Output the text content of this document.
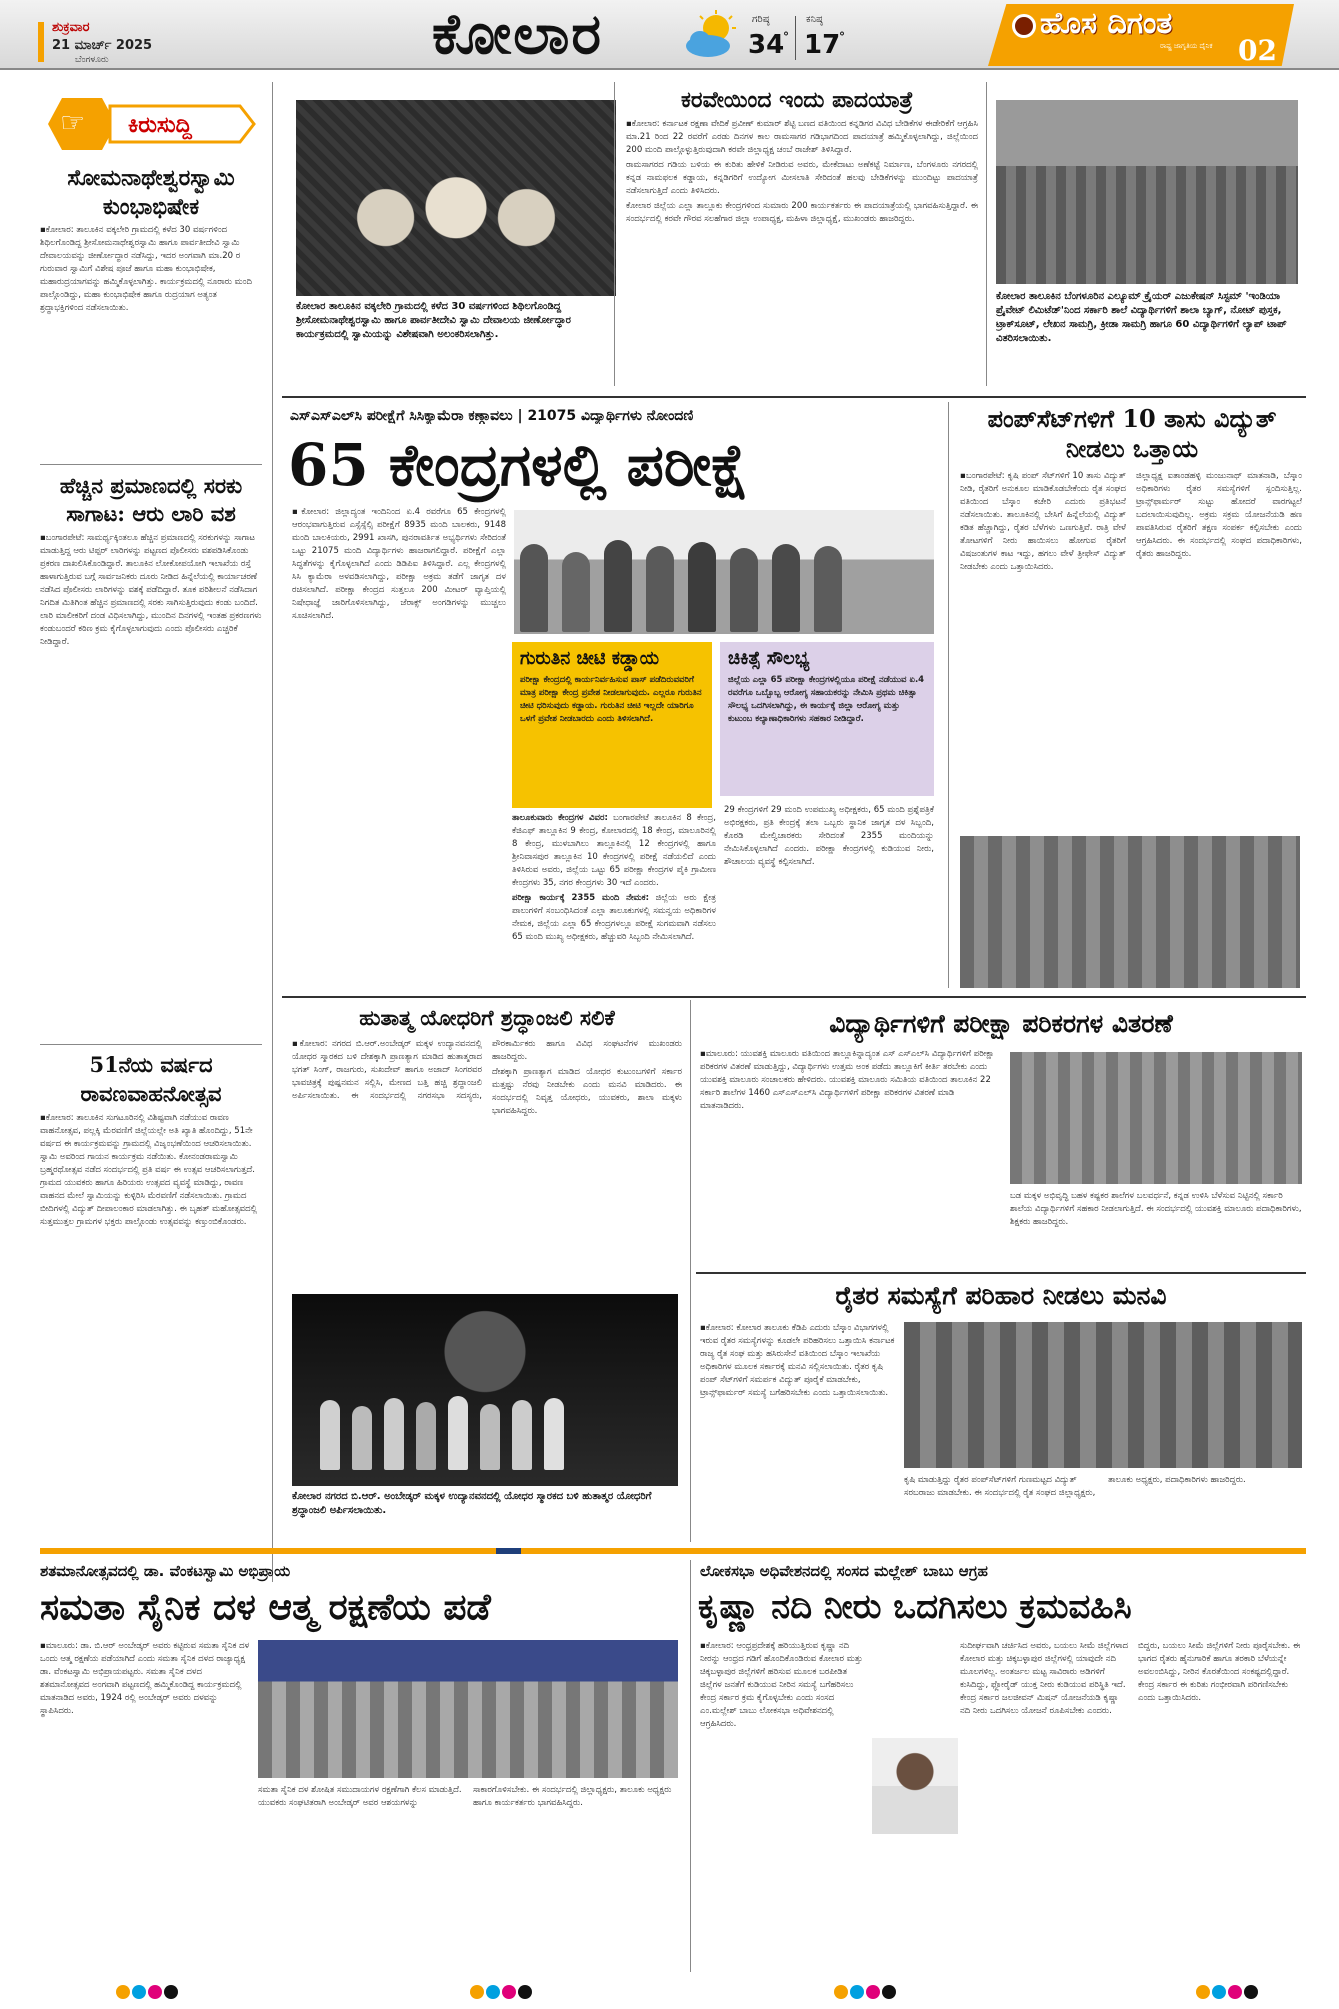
ಶುಕ್ರವಾರ
21 ಮಾರ್ಚ್ 2025
ಬೆಂಗಳೂರು	ಕೋಲಾರ	ಗರಿಷ್ಠ
34
°
ಕನಿಷ್ಠ
17
°	ಹೊಸ ದಿಗಂತ
ರಾಷ್ಟ್ರ ಜಾಗೃತಿಯ ದೈನಿಕ 02
☞ ಕಿರುಸುದ್ದಿ
ಸೋಮನಾಥೇಶ್ವರಸ್ವಾಮಿ ಕುಂಭಾಭಿಷೇಕ
▪ಕೋಲಾರ: ತಾಲೂಕಿನ ವಕ್ಕಲೇರಿ ಗ್ರಾಮದಲ್ಲಿ ಕಳೆದ 30 ವರ್ಷಗಳಿಂದ ಶಿಥಿಲಗೊಂಡಿದ್ದ ಶ್ರೀಸೋಮನಾಥೇಶ್ವರಸ್ವಾಮಿ ಹಾಗೂ ಪಾರ್ವತೀದೇವಿ ಸ್ವಾಮಿ ದೇವಾಲಯವನ್ನು ಜೀರ್ಣೋದ್ಧಾರ ನಡೆಸಿದ್ದು, ಇದರ ಅಂಗವಾಗಿ ಮಾ.20 ರ ಗುರುವಾರ ಸ್ವಾಮಿಗೆ ವಿಶೇಷ ಪೂಜೆ ಹಾಗೂ ಮಹಾ ಕುಂಭಾಭಿಷೇಕ, ಮಹಾರುದ್ರಯಾಗವನ್ನು ಹಮ್ಮಿಕೊಳ್ಳಲಾಗಿತ್ತು. ಕಾರ್ಯಕ್ರಮದಲ್ಲಿ ನೂರಾರು ಮಂದಿ ಪಾಲ್ಗೊಂಡಿದ್ದು, ಮಹಾ ಕುಂಭಾಭಿಷೇಕ ಹಾಗೂ ರುದ್ರಯಾಗ ಅತ್ಯಂತ ಶ್ರದ್ಧಾಭಕ್ತಿಗಳಿಂದ ನಡೆಸಲಾಯಿತು.
ಹೆಚ್ಚಿನ ಪ್ರಮಾಣದಲ್ಲಿ ಸರಕು ಸಾಗಾಟ: ಆರು ಲಾರಿ ವಶ
▪ಬಂಗಾರಪೇಟೆ: ಸಾಮರ್ಥ್ಯಕ್ಕಿಂತಲೂ ಹೆಚ್ಚಿನ ಪ್ರಮಾಣದಲ್ಲಿ ಸರಕುಗಳನ್ನು ಸಾಗಾಟ ಮಾಡುತ್ತಿದ್ದ ಆರು ಟಿಪ್ಪರ್ ಲಾರಿಗಳನ್ನು ಪಟ್ಟಣದ ಪೊಲೀಸರು ವಶಪಡಿಸಿಕೊಂಡು ಪ್ರಕರಣ ದಾಖಲಿಸಿಕೊಂಡಿದ್ದಾರೆ. ತಾಲೂಕಿನ ಲೋಕೋಪಯೋಗಿ ಇಲಾಖೆಯ ರಸ್ತೆ ಹಾಳಾಗುತ್ತಿರುವ ಬಗ್ಗೆ ಸಾರ್ವಜನಿಕರು ದೂರು ನೀಡಿದ ಹಿನ್ನೆಲೆಯಲ್ಲಿ ಕಾರ್ಯಾಚರಣೆ ನಡೆಸಿದ ಪೊಲೀಸರು ಲಾರಿಗಳನ್ನು ವಶಕ್ಕೆ ಪಡೆದಿದ್ದಾರೆ. ತೂಕ ಪರಿಶೀಲನೆ ನಡೆಸಿದಾಗ ನಿಗದಿತ ಮಿತಿಗಿಂತ ಹೆಚ್ಚಿನ ಪ್ರಮಾಣದಲ್ಲಿ ಸರಕು ಸಾಗಿಸುತ್ತಿರುವುದು ಕಂಡು ಬಂದಿದೆ. ಲಾರಿ ಮಾಲೀಕರಿಗೆ ದಂಡ ವಿಧಿಸಲಾಗಿದ್ದು, ಮುಂದಿನ ದಿನಗಳಲ್ಲಿ ಇಂತಹ ಪ್ರಕರಣಗಳು ಕಂಡುಬಂದರೆ ಕಠಿಣ ಕ್ರಮ ಕೈಗೊಳ್ಳಲಾಗುವುದು ಎಂದು ಪೊಲೀಸರು ಎಚ್ಚರಿಕೆ ನೀಡಿದ್ದಾರೆ.
51ನೆಯ ವರ್ಷದ ರಾವಣವಾಹನೋತ್ಸವ
▪ಕೋಲಾರ: ತಾಲೂಕಿನ ಸುಗಟೂರಿನಲ್ಲಿ ವಿಶಿಷ್ಟವಾಗಿ ನಡೆಯುವ ರಾವಣ ವಾಹನೋತ್ಸವ, ಪಲ್ಲಕ್ಕಿ ಮೆರವಣಿಗೆ ಜಿಲ್ಲೆಯಲ್ಲೇ ಅತಿ ಖ್ಯಾತಿ ಹೊಂದಿದ್ದು, 51ನೇ ವರ್ಷದ ಈ ಕಾರ್ಯಕ್ರಮವನ್ನು ಗ್ರಾಮದಲ್ಲಿ ವಿಜೃಂಭಣೆಯಿಂದ ಆಚರಿಸಲಾಯಿತು. ಸ್ವಾಮಿ ಅವರಿಂದ ಗಾಯನ ಕಾರ್ಯಕ್ರಮ ನಡೆಯಿತು. ಕೋನಂಡರಾಮಸ್ವಾಮಿ ಬ್ರಹ್ಮರಥೋತ್ಸವ ನಡೆದ ಸಂದರ್ಭದಲ್ಲಿ ಪ್ರತಿ ವರ್ಷ ಈ ಉತ್ಸವ ಆಚರಿಸಲಾಗುತ್ತದೆ. ಗ್ರಾಮದ ಯುವಕರು ಹಾಗೂ ಹಿರಿಯರು ಉತ್ಸವದ ವ್ಯವಸ್ಥೆ ಮಾಡಿದ್ದು, ರಾವಣ ವಾಹನದ ಮೇಲೆ ಸ್ವಾಮಿಯನ್ನು ಕುಳ್ಳಿರಿಸಿ ಮೆರವಣಿಗೆ ನಡೆಸಲಾಯಿತು. ಗ್ರಾಮದ ಬೀದಿಗಳಲ್ಲಿ ವಿದ್ಯುತ್ ದೀಪಾಲಂಕಾರ ಮಾಡಲಾಗಿತ್ತು. ಈ ಬೃಹತ್ ಮಹೋತ್ಸವದಲ್ಲಿ ಸುತ್ತಮುತ್ತಲ ಗ್ರಾಮಗಳ ಭಕ್ತರು ಪಾಲ್ಗೊಂಡು ಉತ್ಸವವನ್ನು ಕಣ್ತುಂಬಿಕೊಂಡರು.
ಕೋಲಾರ ತಾಲೂಕಿನ ವಕ್ಕಲೇರಿ ಗ್ರಾಮದಲ್ಲಿ ಕಳೆದ 30 ವರ್ಷಗಳಿಂದ ಶಿಥಿಲಗೊಂಡಿದ್ದ ಶ್ರೀಸೋಮನಾಥೇಶ್ವರಸ್ವಾಮಿ ಹಾಗೂ ಪಾರ್ವತೀದೇವಿ ಸ್ವಾಮಿ ದೇವಾಲಯ ಜೀರ್ಣೋದ್ಧಾರ ಕಾರ್ಯಕ್ರಮದಲ್ಲಿ ಸ್ವಾಮಿಯನ್ನು ವಿಶೇಷವಾಗಿ ಅಲಂಕರಿಸಲಾಗಿತ್ತು.
ಕರವೇಯಿಂದ ಇಂದು ಪಾದಯಾತ್ರೆ

▪ಕೋಲಾರ: ಕರ್ನಾಟಕ ರಕ್ಷಣಾ ವೇದಿಕೆ ಪ್ರವೀಣ್ ಕುಮಾರ್ ಶೆಟ್ಟಿ ಬಣದ ವತಿಯಿಂದ ಕನ್ನಡಿಗರ ವಿವಿಧ ಬೇಡಿಕೆಗಳ ಈಡೇರಿಕೆಗೆ ಆಗ್ರಹಿಸಿ ಮಾ.21 ರಿಂದ 22 ರವರೆಗೆ ಎರಡು ದಿನಗಳ ಕಾಲ ರಾಮಸಾಗರ ಗಡಿಭಾಗದಿಂದ ಪಾದಯಾತ್ರೆ ಹಮ್ಮಿಕೊಳ್ಳಲಾಗಿದ್ದು, ಜಿಲ್ಲೆಯಿಂದ 200 ಮಂದಿ ಪಾಲ್ಗೊಳ್ಳುತ್ತಿರುವುದಾಗಿ ಕರವೇ ಜಿಲ್ಲಾಧ್ಯಕ್ಷ ಚಂಬೆ ರಾಜೇಶ್ ತಿಳಿಸಿದ್ದಾರೆ.

ರಾಮಸಾಗರದ ಗಡಿಯ ಬಳಿಯ ಈ ಕುರಿತು ಹೇಳಿಕೆ ನೀಡಿರುವ ಅವರು, ಮೇಕೆದಾಟು ಅಣೆಕಟ್ಟೆ ನಿರ್ಮಾಣ, ಬೆಂಗಳೂರು ನಗರದಲ್ಲಿ ಕನ್ನಡ ನಾಮಫಲಕ ಕಡ್ಡಾಯ, ಕನ್ನಡಿಗರಿಗೆ ಉದ್ಯೋಗ ಮೀಸಲಾತಿ ಸೇರಿದಂತೆ ಹಲವು ಬೇಡಿಕೆಗಳನ್ನು ಮುಂದಿಟ್ಟು ಪಾದಯಾತ್ರೆ ನಡೆಸಲಾಗುತ್ತಿದೆ ಎಂದು ತಿಳಿಸಿದರು.

ಕೋಲಾರ ಜಿಲ್ಲೆಯ ಎಲ್ಲಾ ತಾಲ್ಲೂಕು ಕೇಂದ್ರಗಳಿಂದ ಸುಮಾರು 200 ಕಾರ್ಯಕರ್ತರು ಈ ಪಾದಯಾತ್ರೆಯಲ್ಲಿ ಭಾಗವಹಿಸುತ್ತಿದ್ದಾರೆ. ಈ ಸಂದರ್ಭದಲ್ಲಿ ಕರವೇ ಗೌರವ ಸಲಹೆಗಾರ ಜಿಲ್ಲಾ ಉಪಾಧ್ಯಕ್ಷ, ಮಹಿಳಾ ಜಿಲ್ಲಾಧ್ಯಕ್ಷೆ, ಮುಖಂಡರು ಹಾಜರಿದ್ದರು.

ಕೋಲಾರ ತಾಲೂಕಿನ ಬೆಂಗಳೂರಿನ ಎಲ್ಯೂಮ್ ಕ್ರೈಯರ್ ಎಜುಕೇಷನ್ ಸಿಸ್ಟಮ್ 'ಇಂಡಿಯಾ ಪ್ರೈವೇಟ್ ಲಿಮಿಟೆಡ್'ನಿಂದ ಸರ್ಕಾರಿ ಶಾಲೆ ವಿದ್ಯಾರ್ಥಿಗಳಿಗೆ ಶಾಲಾ ಬ್ಯಾಗ್, ನೋಟ್ ಪುಸ್ತಕ, ಟ್ರಾಕ್‌ಸೂಟ್, ಲೇಖನ ಸಾಮಗ್ರಿ, ಕ್ರೀಡಾ ಸಾಮಗ್ರಿ ಹಾಗೂ 60 ವಿದ್ಯಾರ್ಥಿಗಳಿಗೆ ಲ್ಯಾಪ್ ಟಾಪ್ ವಿತರಿಸಲಾಯಿತು.
ಎಸ್‌ಎಸ್‌ಎಲ್‌ಸಿ ಪರೀಕ್ಷೆಗೆ ಸಿಸಿಕ್ಯಾಮೆರಾ ಕಣ್ಗಾವಲು | 21075 ವಿದ್ಯಾರ್ಥಿಗಳು ನೋಂದಣಿ
65 ಕೇಂದ್ರಗಳಲ್ಲಿ ಪರೀಕ್ಷೆ

▪ಕೋಲಾರ: ಜಿಲ್ಲಾದ್ಯಂತ ಇಂದಿನಿಂದ ಏ.4 ರವರೆಗೂ 65 ಕೇಂದ್ರಗಳಲ್ಲಿ ಆರಂಭವಾಗುತ್ತಿರುವ ಎಸ್ಸೆಸ್ಸೆಲ್ಸಿ ಪರೀಕ್ಷೆಗೆ 8935 ಮಂದಿ ಬಾಲಕರು, 9148 ಮಂದಿ ಬಾಲಕಿಯರು, 2991 ಖಾಸಗಿ, ಪುನರಾವರ್ತಿತ ಅಭ್ಯರ್ಥಿಗಳು ಸೇರಿದಂತೆ ಒಟ್ಟು 21075 ಮಂದಿ ವಿದ್ಯಾರ್ಥಿಗಳು ಹಾಜರಾಗಲಿದ್ದಾರೆ. ಪರೀಕ್ಷೆಗೆ ಎಲ್ಲಾ ಸಿದ್ಧತೆಗಳನ್ನು ಕೈಗೊಳ್ಳಲಾಗಿದೆ ಎಂದು ಡಿಡಿಪಿಐ ತಿಳಿಸಿದ್ದಾರೆ. ಎಲ್ಲ ಕೇಂದ್ರಗಳಲ್ಲಿ ಸಿಸಿ ಕ್ಯಾಮೆರಾ ಅಳವಡಿಸಲಾಗಿದ್ದು, ಪರೀಕ್ಷಾ ಅಕ್ರಮ ತಡೆಗೆ ಜಾಗೃತ ದಳ ರಚಿಸಲಾಗಿದೆ. ಪರೀಕ್ಷಾ ಕೇಂದ್ರದ ಸುತ್ತಲೂ 200 ಮೀಟರ್ ವ್ಯಾಪ್ತಿಯಲ್ಲಿ ನಿಷೇಧಾಜ್ಞೆ ಜಾರಿಗೊಳಿಸಲಾಗಿದ್ದು, ಜೆರಾಕ್ಸ್ ಅಂಗಡಿಗಳನ್ನು ಮುಚ್ಚಲು ಸೂಚಿಸಲಾಗಿದೆ.

ಗುರುತಿನ ಚೀಟಿ ಕಡ್ಡಾಯ
ಪರೀಕ್ಷಾ ಕೇಂದ್ರದಲ್ಲಿ ಕಾರ್ಯನಿರ್ವಹಿಸುವ ಪಾಸ್ ಪಡೆದಿರುವವರಿಗೆ ಮಾತ್ರ ಪರೀಕ್ಷಾ ಕೇಂದ್ರ ಪ್ರವೇಶ ನೀಡಲಾಗುವುದು. ಎಲ್ಲರೂ ಗುರುತಿನ ಚೀಟಿ ಧರಿಸುವುದು ಕಡ್ಡಾಯ. ಗುರುತಿನ ಚೀಟಿ ಇಲ್ಲದೇ ಯಾರಿಗೂ ಒಳಗೆ ಪ್ರವೇಶ ನೀಡಬಾರದು ಎಂದು ತಿಳಿಸಲಾಗಿದೆ.
ಚಿಕಿತ್ಸೆ ಸೌಲಭ್ಯ
ಜಿಲ್ಲೆಯ ಎಲ್ಲಾ 65 ಪರೀಕ್ಷಾ ಕೇಂದ್ರಗಳಲ್ಲಿಯೂ ಪರೀಕ್ಷೆ ನಡೆಯುವ ಏ.4 ರವರೆಗೂ ಒಬ್ಬೊಬ್ಬ ಆರೋಗ್ಯ ಸಹಾಯಕರನ್ನು ನೇಮಿಸಿ ಪ್ರಥಮ ಚಿಕಿತ್ಸಾ ಸೌಲಭ್ಯ ಒದಗಿಸಲಾಗಿದ್ದು, ಈ ಕಾರ್ಯಕ್ಕೆ ಜಿಲ್ಲಾ ಆರೋಗ್ಯ ಮತ್ತು ಕುಟುಂಬ ಕಲ್ಯಾಣಾಧಿಕಾರಿಗಳು ಸಹಕಾರ ನೀಡಿದ್ದಾರೆ.

ತಾಲೂಕುವಾರು ಕೇಂದ್ರಗಳ ವಿವರ: ಬಂಗಾರಪೇಟೆ ತಾಲೂಕಿನ 8 ಕೇಂದ್ರ, ಕೆಜಿಎಫ್ ತಾಲ್ಲೂಕಿನ 9 ಕೇಂದ್ರ, ಕೋಲಾರದಲ್ಲಿ 18 ಕೇಂದ್ರ, ಮಾಲೂರಿನಲ್ಲಿ 8 ಕೇಂದ್ರ, ಮುಳಬಾಗಿಲು ತಾಲ್ಲೂಕಿನಲ್ಲಿ 12 ಕೇಂದ್ರಗಳಲ್ಲಿ ಹಾಗೂ ಶ್ರೀನಿವಾಸಪುರ ತಾಲ್ಲೂಕಿನ 10 ಕೇಂದ್ರಗಳಲ್ಲಿ ಪರೀಕ್ಷೆ ನಡೆಯಲಿದೆ ಎಂದು ತಿಳಿಸಿರುವ ಅವರು, ಜಿಲ್ಲೆಯ ಒಟ್ಟು 65 ಪರೀಕ್ಷಾ ಕೇಂದ್ರಗಳ ಪೈಕಿ ಗ್ರಾಮೀಣ ಕೇಂದ್ರಗಳು 35, ನಗರ ಕೇಂದ್ರಗಳು 30 ಇದೆ ಎಂದರು.

ಪರೀಕ್ಷಾ ಕಾರ್ಯಕ್ಕೆ 2355 ಮಂದಿ ನೇಮಕ: ಜಿಲ್ಲೆಯ ಅರು ಕ್ಷೇತ್ರ ಪಾಲುಗಳಿಗೆ ಸಂಬಂಧಿಸಿದಂತೆ ಎಲ್ಲಾ ತಾಲೂಕುಗಳಲ್ಲಿ ಸಮನ್ವಯ ಅಧಿಕಾರಿಗಳ ನೇಮಕ, ಜಿಲ್ಲೆಯ ಎಲ್ಲಾ 65 ಕೇಂದ್ರಗಳಲ್ಲೂ ಪರೀಕ್ಷೆ ಸುಗಮವಾಗಿ ನಡೆಸಲು 65 ಮಂದಿ ಮುಖ್ಯ ಅಧೀಕ್ಷಕರು, ಹೆಚ್ಚುವರಿ ಸಿಬ್ಬಂದಿ ನೇಮಿಸಲಾಗಿದೆ.

29 ಕೇಂದ್ರಗಳಿಗೆ 29 ಮಂದಿ ಉಪಮುಖ್ಯ ಅಧೀಕ್ಷಕರು, 65 ಮಂದಿ ಪ್ರಶ್ನೆಪತ್ರಿಕೆ ಅಭಿರಕ್ಷಕರು, ಪ್ರತಿ ಕೇಂದ್ರಕ್ಕೆ ತಲಾ ಒಬ್ಬರು ಸ್ಥಾನಿಕ ಜಾಗೃತ ದಳ ಸಿಬ್ಬಂದಿ, ಕೊಠಡಿ ಮೇಲ್ವಿಚಾರಕರು ಸೇರಿದಂತೆ 2355 ಮಂದಿಯನ್ನು ನೇಮಿಸಿಕೊಳ್ಳಲಾಗಿದೆ ಎಂದರು. ಪರೀಕ್ಷಾ ಕೇಂದ್ರಗಳಲ್ಲಿ ಕುಡಿಯುವ ನೀರು, ಶೌಚಾಲಯ ವ್ಯವಸ್ಥೆ ಕಲ್ಪಿಸಲಾಗಿದೆ.

ಪಂಪ್‌ಸೆಟ್‌ಗಳಿಗೆ 10 ತಾಸು ವಿದ್ಯುತ್ ನೀಡಲು ಒತ್ತಾಯ

▪ಬಂಗಾರಪೇಟೆ: ಕೃಷಿ ಪಂಪ್ ಸೆಟ್‌ಗಳಿಗೆ 10 ತಾಸು ವಿದ್ಯುತ್ ನೀಡಿ, ರೈತರಿಗೆ ಅನುಕೂಲ ಮಾಡಿಕೊಡಬೇಕೆಂದು ರೈತ ಸಂಘದ ವತಿಯಿಂದ ಬೆಸ್ಕಾಂ ಕಚೇರಿ ಎದುರು ಪ್ರತಿಭಟನೆ ನಡೆಸಲಾಯಿತು. ತಾಲೂಕಿನಲ್ಲಿ ಬೇಸಿಗೆ ಹಿನ್ನೆಲೆಯಲ್ಲಿ ವಿದ್ಯುತ್ ಕಡಿತ ಹೆಚ್ಚಾಗಿದ್ದು, ರೈತರ ಬೆಳೆಗಳು ಒಣಗುತ್ತಿವೆ. ರಾತ್ರಿ ವೇಳೆ ತೋಟಗಳಿಗೆ ನೀರು ಹಾಯಿಸಲು ಹೋಗುವ ರೈತರಿಗೆ ವಿಷಜಂತುಗಳ ಕಾಟ ಇದ್ದು, ಹಗಲು ವೇಳೆ ತ್ರೀಫೇಸ್ ವಿದ್ಯುತ್ ನೀಡಬೇಕು ಎಂದು ಒತ್ತಾಯಿಸಿದರು.

ಜಿಲ್ಲಾಧ್ಯಕ್ಷ ಐತಾಂಡಹಳ್ಳಿ ಮಂಜುನಾಥ್ ಮಾತನಾಡಿ, ಬೆಸ್ಕಾಂ ಅಧಿಕಾರಿಗಳು ರೈತರ ಸಮಸ್ಯೆಗಳಿಗೆ ಸ್ಪಂದಿಸುತ್ತಿಲ್ಲ. ಟ್ರಾನ್ಸ್‌ಫಾರ್ಮರ್ ಸುಟ್ಟು ಹೋದರೆ ವಾರಗಟ್ಟಲೆ ಬದಲಾಯಿಸುವುದಿಲ್ಲ. ಅಕ್ರಮ ಸಕ್ರಮ ಯೋಜನೆಯಡಿ ಹಣ ಪಾವತಿಸಿರುವ ರೈತರಿಗೆ ತಕ್ಷಣ ಸಂಪರ್ಕ ಕಲ್ಪಿಸಬೇಕು ಎಂದು ಆಗ್ರಹಿಸಿದರು. ಈ ಸಂದರ್ಭದಲ್ಲಿ ಸಂಘದ ಪದಾಧಿಕಾರಿಗಳು, ರೈತರು ಹಾಜರಿದ್ದರು.

ಹುತಾತ್ಮ ಯೋಧರಿಗೆ ಶ್ರದ್ಧಾಂಜಲಿ ಸಲಿಕೆ

▪ಕೋಲಾರ: ನಗರದ ಬಿ.ಆರ್.ಅಂಬೇಡ್ಕರ್ ಮಕ್ಕಳ ಉದ್ಯಾನವನದಲ್ಲಿ ಯೋಧರ ಸ್ಮಾರಕದ ಬಳಿ ದೇಶಕ್ಕಾಗಿ ಪ್ರಾಣತ್ಯಾಗ ಮಾಡಿದ ಹುತಾತ್ಮರಾದ ಭಗತ್ ಸಿಂಗ್, ರಾಜಗುರು, ಸುಖದೇವ್ ಹಾಗೂ ಅಜಾದ್ ಸಿಂಗರವರ ಭಾವಚಿತ್ರಕ್ಕೆ ಪುಷ್ಪನಮನ ಸಲ್ಲಿಸಿ, ಮೇಣದ ಬತ್ತಿ ಹಚ್ಚಿ ಶ್ರದ್ಧಾಂಜಲಿ ಅರ್ಪಿಸಲಾಯಿತು. ಈ ಸಂದರ್ಭದಲ್ಲಿ ನಗರಸಭಾ ಸದಸ್ಯರು, ಪೌರಕಾರ್ಮಿಕರು ಹಾಗೂ ವಿವಿಧ ಸಂಘಟನೆಗಳ ಮುಖಂಡರು ಹಾಜರಿದ್ದರು.

ದೇಶಕ್ಕಾಗಿ ಪ್ರಾಣತ್ಯಾಗ ಮಾಡಿದ ಯೋಧರ ಕುಟುಂಬಗಳಿಗೆ ಸರ್ಕಾರ ಮತ್ತಷ್ಟು ನೆರವು ನೀಡಬೇಕು ಎಂದು ಮನವಿ ಮಾಡಿದರು. ಈ ಸಂದರ್ಭದಲ್ಲಿ ನಿವೃತ್ತ ಯೋಧರು, ಯುವಕರು, ಶಾಲಾ ಮಕ್ಕಳು ಭಾಗವಹಿಸಿದ್ದರು.

ಕೋಲಾರ ನಗರದ ಬಿ.ಆರ್. ಅಂಬೇಡ್ಕರ್ ಮಕ್ಕಳ ಉದ್ಯಾನವನದಲ್ಲಿ ಯೋಧರ ಸ್ಮಾರಕದ ಬಳಿ ಹುತಾತ್ಮರ ಯೋಧರಿಗೆ ಶ್ರದ್ಧಾಂಜಲಿ ಅರ್ಪಿಸಲಾಯಿತು.
ವಿದ್ಯಾರ್ಥಿಗಳಿಗೆ ಪರೀಕ್ಷಾ ಪರಿಕರಗಳ ವಿತರಣೆ
▪ಮಾಲೂರು: ಯುವಶಕ್ತಿ ಮಾಲೂರು ವತಿಯಿಂದ ತಾಲ್ಲೂಕಿನ್ನಾದ್ಯಂತ ಎಸ್ ಎಸ್ಎಲ್‌ಸಿ ವಿದ್ಯಾರ್ಥಿಗಳಿಗೆ ಪರೀಕ್ಷಾ ಪರಿಕರಗಳ ವಿತರಣೆ ಮಾಡುತ್ತಿದ್ದು, ವಿದ್ಯಾರ್ಥಿಗಳು ಉತ್ತಮ ಅಂಕ ಪಡೆದು ತಾಲ್ಲೂಕಿಗೆ ಕೀರ್ತಿ ತರಬೇಕು ಎಂದು ಯುವಶಕ್ತಿ ಮಾಲೂರು ಸಂಚಾಲಕರು ಹೇಳಿದರು. ಯುವಶಕ್ತಿ ಮಾಲೂರು ಸಮಿತಿಯ ವತಿಯಿಂದ ತಾಲೂಕಿನ 22 ಸರ್ಕಾರಿ ಶಾಲೆಗಳ 1460 ಎಸ್ಎಸ್ಎಲ್‌ಸಿ ವಿದ್ಯಾರ್ಥಿಗಳಿಗೆ ಪರೀಕ್ಷಾ ಪರಿಕರಗಳ ವಿತರಣೆ ಮಾಡಿ ಮಾತನಾಡಿದರು.
ಬಡ ಮಕ್ಕಳ ಅಭಿವೃದ್ಧಿ ಬಹಳ ಕಷ್ಟಕರ ಶಾಲೆಗಳ ಬಲವರ್ಧನೆ, ಕನ್ನಡ ಉಳಿಸಿ ಬೆಳೆಸುವ ನಿಟ್ಟಿನಲ್ಲಿ ಸರ್ಕಾರಿ ಶಾಲೆಯ ವಿದ್ಯಾರ್ಥಿಗಳಿಗೆ ಸಹಕಾರ ನೀಡಲಾಗುತ್ತಿದೆ. ಈ ಸಂದರ್ಭದಲ್ಲಿ ಯುವಶಕ್ತಿ ಮಾಲೂರು ಪದಾಧಿಕಾರಿಗಳು, ಶಿಕ್ಷಕರು ಹಾಜರಿದ್ದರು.
ರೈತರ ಸಮಸ್ಯೆಗೆ ಪರಿಹಾರ ನೀಡಲು ಮನವಿ
▪ಕೋಲಾರ: ಕೋಲಾರ ತಾಲೂಕು ಕೆಡಿಪಿ ಎದುರು ಬೆಸ್ಕಾಂ ವಿಭಾಗಗಳಲ್ಲಿ ಇರುವ ರೈತರ ಸಮಸ್ಯೆಗಳನ್ನು ಕೂಡಲೇ ಪರಿಹರಿಸಲು ಒತ್ತಾಯಿಸಿ ಕರ್ನಾಟಕ ರಾಜ್ಯ ರೈತ ಸಂಘ ಮತ್ತು ಹಸಿರುಸೇನೆ ವತಿಯಿಂದ ಬೆಸ್ಕಾಂ ಇಲಾಖೆಯ ಅಧಿಕಾರಿಗಳ ಮೂಲಕ ಸರ್ಕಾರಕ್ಕೆ ಮನವಿ ಸಲ್ಲಿಸಲಾಯಿತು. ರೈತರ ಕೃಷಿ ಪಂಪ್ ಸೆಟ್‌ಗಳಿಗೆ ಸಮರ್ಪಕ ವಿದ್ಯುತ್ ಪೂರೈಕೆ ಮಾಡಬೇಕು, ಟ್ರಾನ್ಸ್‌ಫಾರ್ಮರ್ ಸಮಸ್ಯೆ ಬಗೆಹರಿಸಬೇಕು ಎಂದು ಒತ್ತಾಯಿಸಲಾಯಿತು.
ಕೃಷಿ ಮಾಡುತ್ತಿದ್ದು ರೈತರ ಪಂಪ್‌ಸೆಟ್‌ಗಳಿಗೆ ಗುಣಮಟ್ಟದ ವಿದ್ಯುತ್ ಸರಬರಾಜು ಮಾಡಬೇಕು. ಈ ಸಂದರ್ಭದಲ್ಲಿ ರೈತ ಸಂಘದ ಜಿಲ್ಲಾಧ್ಯಕ್ಷರು, ತಾಲೂಕು ಅಧ್ಯಕ್ಷರು, ಪದಾಧಿಕಾರಿಗಳು ಹಾಜರಿದ್ದರು.
ಶತಮಾನೋತ್ಸವದಲ್ಲಿ ಡಾ. ವೆಂಕಟಸ್ವಾಮಿ ಅಭಿಪ್ರಾಯ
ಸಮತಾ ಸೈನಿಕ ದಳ ಆತ್ಮ ರಕ್ಷಣೆಯ ಪಡೆ
▪ಮಾಲೂರು: ಡಾ. ಬಿ.ಆರ್ ಅಂಬೇಡ್ಕರ್ ಅವರು ಕಟ್ಟಿರುವ ಸಮತಾ ಸೈನಿಕ ದಳ ಒಂದು ಆತ್ಮ ರಕ್ಷಣೆಯ ಪಡೆಯಾಗಿದೆ ಎಂದು ಸಮತಾ ಸೈನಿಕ ದಳದ ರಾಜ್ಯಾಧ್ಯಕ್ಷ ಡಾ. ವೆಂಕಟಸ್ವಾಮಿ ಅಭಿಪ್ರಾಯಪಟ್ಟರು. ಸಮತಾ ಸೈನಿಕ ದಳದ ಶತಮಾನೋತ್ಸವದ ಅಂಗವಾಗಿ ಪಟ್ಟಣದಲ್ಲಿ ಹಮ್ಮಿಕೊಂಡಿದ್ದ ಕಾರ್ಯಕ್ರಮದಲ್ಲಿ ಮಾತನಾಡಿದ ಅವರು, 1924 ರಲ್ಲಿ ಅಂಬೇಡ್ಕರ್ ಅವರು ದಳವನ್ನು ಸ್ಥಾಪಿಸಿದರು.
ಸಮತಾ ಸೈನಿಕ ದಳ ಶೋಷಿತ ಸಮುದಾಯಗಳ ರಕ್ಷಣೆಗಾಗಿ ಕೆಲಸ ಮಾಡುತ್ತಿದೆ. ಯುವಕರು ಸಂಘಟಿತರಾಗಿ ಅಂಬೇಡ್ಕರ್ ಅವರ ಆಶಯಗಳನ್ನು ಸಾಕಾರಗೊಳಿಸಬೇಕು. ಈ ಸಂದರ್ಭದಲ್ಲಿ ಜಿಲ್ಲಾಧ್ಯಕ್ಷರು, ತಾಲೂಕು ಅಧ್ಯಕ್ಷರು ಹಾಗೂ ಕಾರ್ಯಕರ್ತರು ಭಾಗವಹಿಸಿದ್ದರು.
ಲೋಕಸಭಾ ಅಧಿವೇಶನದಲ್ಲಿ ಸಂಸದ ಮಲ್ಲೇಶ್ ಬಾಬು ಆಗ್ರಹ
ಕೃಷ್ಣಾ ನದಿ ನೀರು ಒದಗಿಸಲು ಕ್ರಮವಹಿಸಿ
▪ಕೋಲಾರ: ಆಂಧ್ರಪ್ರದೇಶಕ್ಕೆ ಹರಿಯುತ್ತಿರುವ ಕೃಷ್ಣಾ ನದಿ ನೀರನ್ನು ಆಂಧ್ರದ ಗಡಿಗೆ ಹೊಂದಿಕೊಂಡಿರುವ ಕೋಲಾರ ಮತ್ತು ಚಿಕ್ಕಬಳ್ಳಾಪುರ ಜಿಲ್ಲೆಗಳಿಗೆ ಹರಿಸುವ ಮೂಲಕ ಬರಪೀಡಿತ ಜಿಲ್ಲೆಗಳ ಜನತೆಗೆ ಕುಡಿಯುವ ನೀರಿನ ಸಮಸ್ಯೆ ಬಗೆಹರಿಸಲು ಕೇಂದ್ರ ಸರ್ಕಾರ ಕ್ರಮ ಕೈಗೊಳ್ಳಬೇಕು ಎಂದು ಸಂಸದ ಎಂ.ಮಲ್ಲೇಶ್ ಬಾಬು ಲೋಕಸಭಾ ಅಧಿವೇಶನದಲ್ಲಿ ಆಗ್ರಹಿಸಿದರು.
ಸುದೀರ್ಘವಾಗಿ ಚರ್ಚಿಸಿದ ಅವರು, ಬಯಲು ಸೀಮೆ ಜಿಲ್ಲೆಗಳಾದ ಕೋಲಾರ ಮತ್ತು ಚಿಕ್ಕಬಳ್ಳಾಪುರ ಜಿಲ್ಲೆಗಳಲ್ಲಿ ಯಾವುದೇ ನದಿ ಮೂಲಗಳಿಲ್ಲ. ಅಂತರ್ಜಲ ಮಟ್ಟ ಸಾವಿರಾರು ಅಡಿಗಳಿಗೆ ಕುಸಿದಿದ್ದು, ಫ್ಲೋರೈಡ್ ಯುಕ್ತ ನೀರು ಕುಡಿಯುವ ಪರಿಸ್ಥಿತಿ ಇದೆ. ಕೇಂದ್ರ ಸರ್ಕಾರ ಜಲಜೀವನ್ ಮಿಷನ್ ಯೋಜನೆಯಡಿ ಕೃಷ್ಣಾ ನದಿ ನೀರು ಒದಗಿಸಲು ಯೋಜನೆ ರೂಪಿಸಬೇಕು ಎಂದರು.
ಬಿದ್ದರು, ಬಯಲು ಸೀಮೆ ಜಿಲ್ಲೆಗಳಿಗೆ ನೀರು ಪೂರೈಸಬೇಕು. ಈ ಭಾಗದ ರೈತರು ಹೈನುಗಾರಿಕೆ ಹಾಗೂ ತರಕಾರಿ ಬೆಳೆಯನ್ನೇ ಅವಲಂಬಿಸಿದ್ದು, ನೀರಿನ ಕೊರತೆಯಿಂದ ಸಂಕಷ್ಟದಲ್ಲಿದ್ದಾರೆ. ಕೇಂದ್ರ ಸರ್ಕಾರ ಈ ಕುರಿತು ಗಂಭೀರವಾಗಿ ಪರಿಗಣಿಸಬೇಕು ಎಂದು ಒತ್ತಾಯಿಸಿದರು.
